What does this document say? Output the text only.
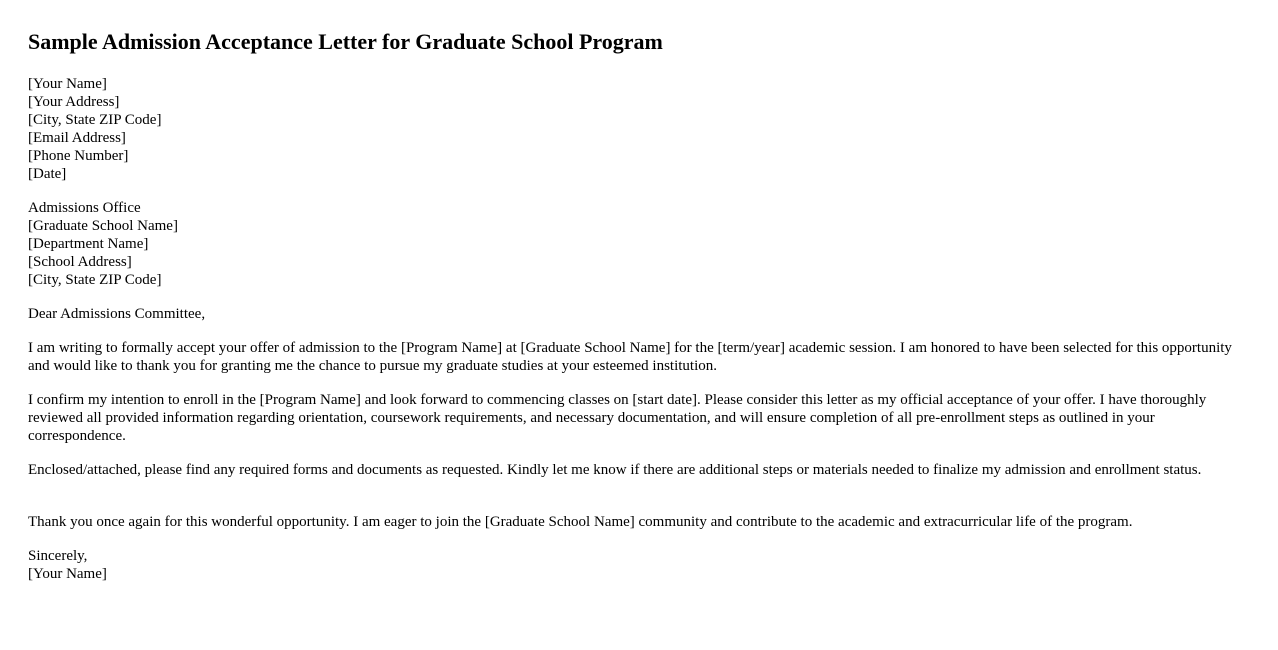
Sample Admission Acceptance Letter for Graduate School Program
[Your Name]
[Your Address]
[City, State ZIP Code]
[Email Address]
[Phone Number]
[Date]
Admissions Office
[Graduate School Name]
[Department Name]
[School Address]
[City, State ZIP Code]
Dear Admissions Committee,
I am writing to formally accept your offer of admission to the [Program Name] at [Graduate School Name] for the [term/year] academic session. I am honored to have been selected for this opportunity and would like to thank you for granting me the chance to pursue my graduate studies at your esteemed institution.
I confirm my intention to enroll in the [Program Name] and look forward to commencing classes on [start date]. Please consider this letter as my official acceptance of your offer. I have thoroughly reviewed all provided information regarding orientation, coursework requirements, and necessary documentation, and will ensure completion of all pre-enrollment steps as outlined in your correspondence.
Enclosed/attached, please find any required forms and documents as requested. Kindly let me know if there are additional steps or materials needed to finalize my admission and enrollment status.
Thank you once again for this wonderful opportunity. I am eager to join the [Graduate School Name] community and contribute to the academic and extracurricular life of the program.
Sincerely,
[Your Name]
